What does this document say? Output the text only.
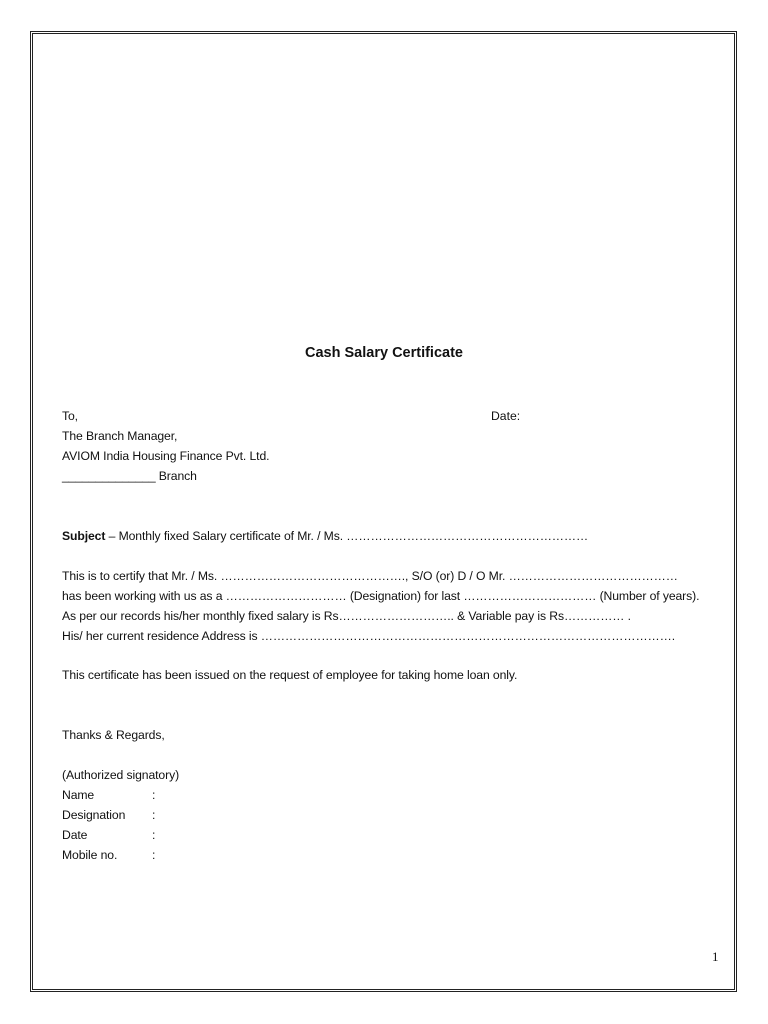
Cash Salary Certificate
To,	Date:
The Branch Manager,
AVIOM India Housing Finance Pvt. Ltd.
______________ Branch
Subject – Monthly fixed Salary certificate of Mr. / Ms. ……………………………………………………
This is to certify that Mr. / Ms. ………………………………………., S/O (or) D / O Mr. ……………………………………
has been working with us as a ………………………… (Designation) for last …………………………… (Number of years).
As per our records his/her monthly fixed salary is Rs……………………….. & Variable pay is Rs…………… .
His/ her current residence Address is ………………………………………………………………………………………….
This certificate has been issued on the request of employee for taking home loan only.
Thanks & Regards,
(Authorized signatory)
Name	:
Designation :
Date	:
Mobile no.	:
1
